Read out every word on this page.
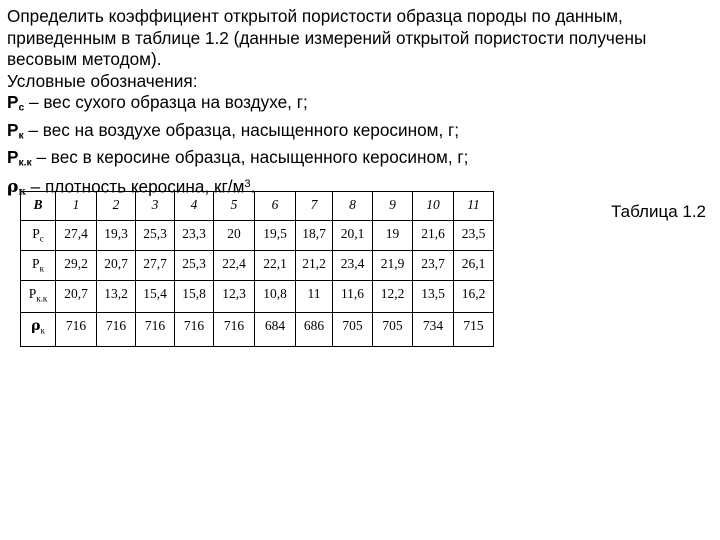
Определить коэффициент открытой пористости образца породы по данным,
приведенным в таблице 1.2 (данные измерений открытой пористости получены
весовым методом).
Условные обозначения:
$P_c$ – вес сухого образца на воздухе, г;
$P_к$ – вес на воздухе образца, насыщенного керосином, г;
$P_{к.к}$ – вес в керосине образца, насыщенного керосином, г;
$\rho_к$ – плотность керосина, $кг/м^3$.
Таблица 1.2
В	1	2	3	4	5	6	7	8	9	10	11
$P_c$	27,4	19,3	25,3	23,3	20	19,5	18,7	20,1	19	21,6	23,5
$P_к$	29,2	20,7	27,7	25,3	22,4	22,1	21,2	23,4	21,9	23,7	26,1
$P_{к.к}$	20,7	13,2	15,4	15,8	12,3	10,8	11	11,6	12,2	13,5	16,2
$\rho_к$	716	716	716	716	716	684	686	705	705	734	715
